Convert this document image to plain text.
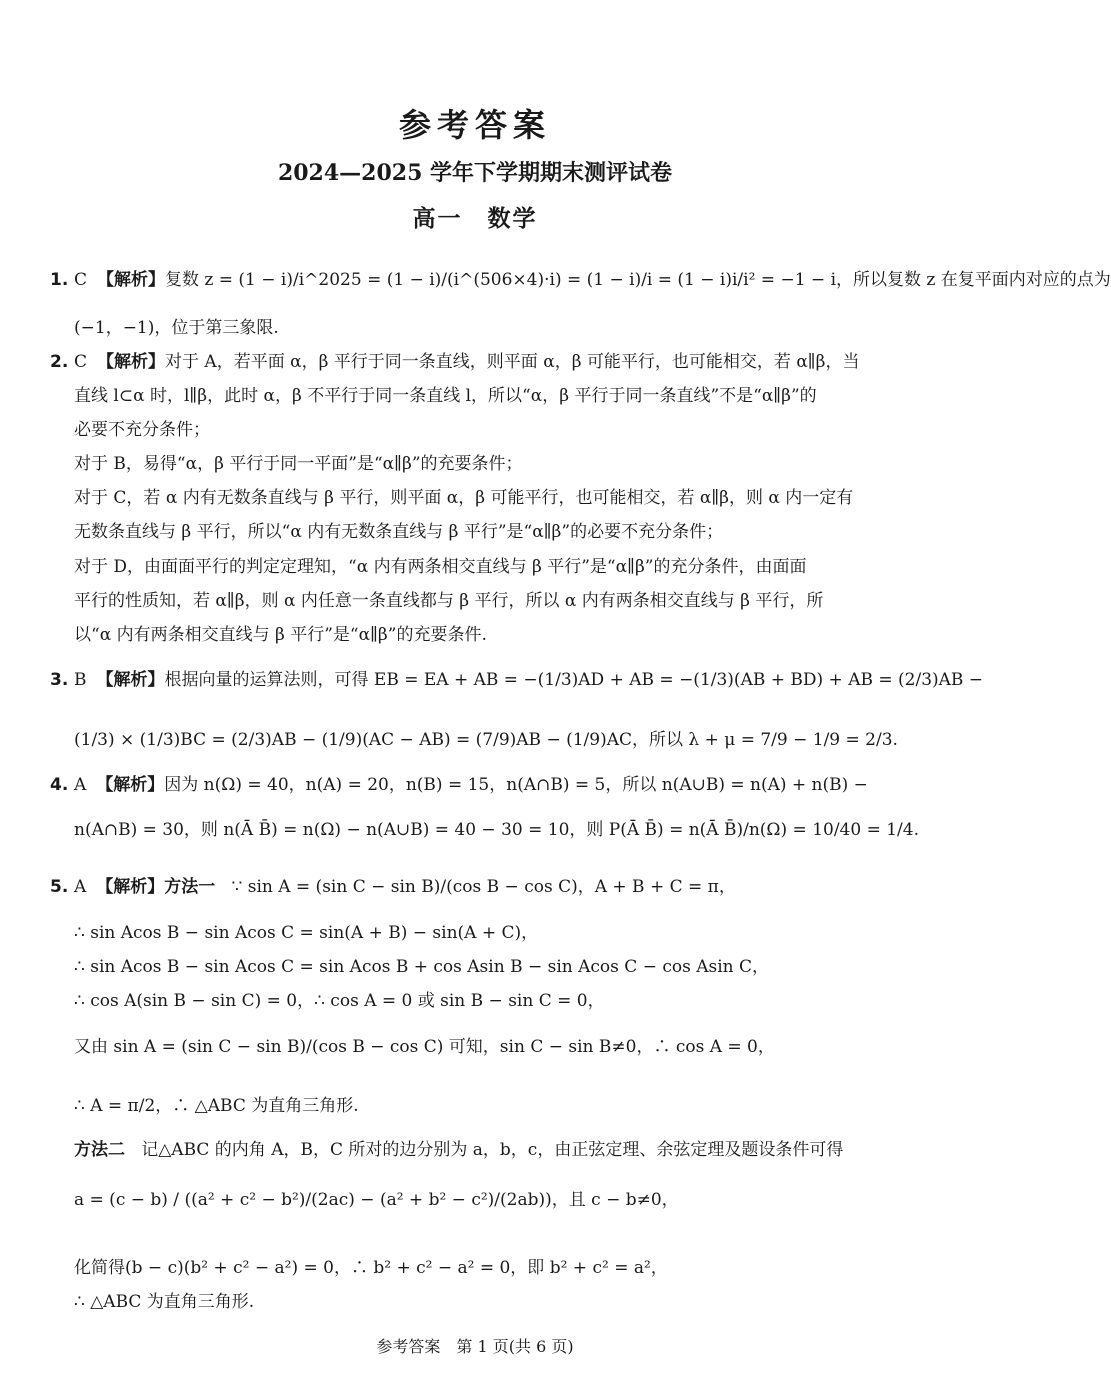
参考答案
2024—2025 学年下学期期末测评试卷
高一　数学
1. C 【解析】复数 z = (1 − i)/i^2025 = (1 − i)/(i^(506×4)·i) = (1 − i)/i = (1 − i)i/i² = −1 − i，所以复数 z 在复平面内对应的点为
(−1，−1)，位于第三象限.
2. C 【解析】对于 A，若平面 α，β 平行于同一条直线，则平面 α，β 可能平行，也可能相交，若 α∥β，当
直线 l⊂α 时，l∥β，此时 α，β 不平行于同一条直线 l，所以“α，β 平行于同一条直线”不是“α∥β”的
必要不充分条件；
对于 B，易得“α，β 平行于同一平面”是“α∥β”的充要条件；
对于 C，若 α 内有无数条直线与 β 平行，则平面 α，β 可能平行，也可能相交，若 α∥β，则 α 内一定有
无数条直线与 β 平行，所以“α 内有无数条直线与 β 平行”是“α∥β”的必要不充分条件；
对于 D，由面面平行的判定定理知，“α 内有两条相交直线与 β 平行”是“α∥β”的充分条件，由面面
平行的性质知，若 α∥β，则 α 内任意一条直线都与 β 平行，所以 α 内有两条相交直线与 β 平行，所
以“α 内有两条相交直线与 β 平行”是“α∥β”的充要条件.
3. B 【解析】根据向量的运算法则，可得 EB = EA + AB = −(1/3)AD + AB = −(1/3)(AB + BD) + AB = (2/3)AB −
(1/3) × (1/3)BC = (2/3)AB − (1/9)(AC − AB) = (7/9)AB − (1/9)AC，所以 λ + μ = 7/9 − 1/9 = 2/3.
4. A 【解析】因为 n(Ω) = 40，n(A) = 20，n(B) = 15，n(A∩B) = 5，所以 n(A∪B) = n(A) + n(B) −
n(A∩B) = 30，则 n(Ā B̄) = n(Ω) − n(A∪B) = 40 − 30 = 10，则 P(Ā B̄) = n(Ā B̄)/n(Ω) = 10/40 = 1/4.
5. A 【解析】方法一 ∵ sin A = (sin C − sin B)/(cos B − cos C)，A + B + C = π，
∴ sin Acos B − sin Acos C = sin(A + B) − sin(A + C)，
∴ sin Acos B − sin Acos C = sin Acos B + cos Asin B − sin Acos C − cos Asin C，
∴ cos A(sin B − sin C) = 0，∴ cos A = 0 或 sin B − sin C = 0，
又由 sin A = (sin C − sin B)/(cos B − cos C) 可知，sin C − sin B≠0，∴ cos A = 0，
∴ A = π/2，∴ △ABC 为直角三角形.
方法二 记△ABC 的内角 A，B，C 所对的边分别为 a，b，c，由正弦定理、余弦定理及题设条件可得
a = (c − b) / ((a² + c² − b²)/(2ac) − (a² + b² − c²)/(2ab))，且 c − b≠0，
化简得(b − c)(b² + c² − a²) = 0，∴ b² + c² − a² = 0，即 b² + c² = a²，
∴ △ABC 为直角三角形.
参考答案　第 1 页(共 6 页)
